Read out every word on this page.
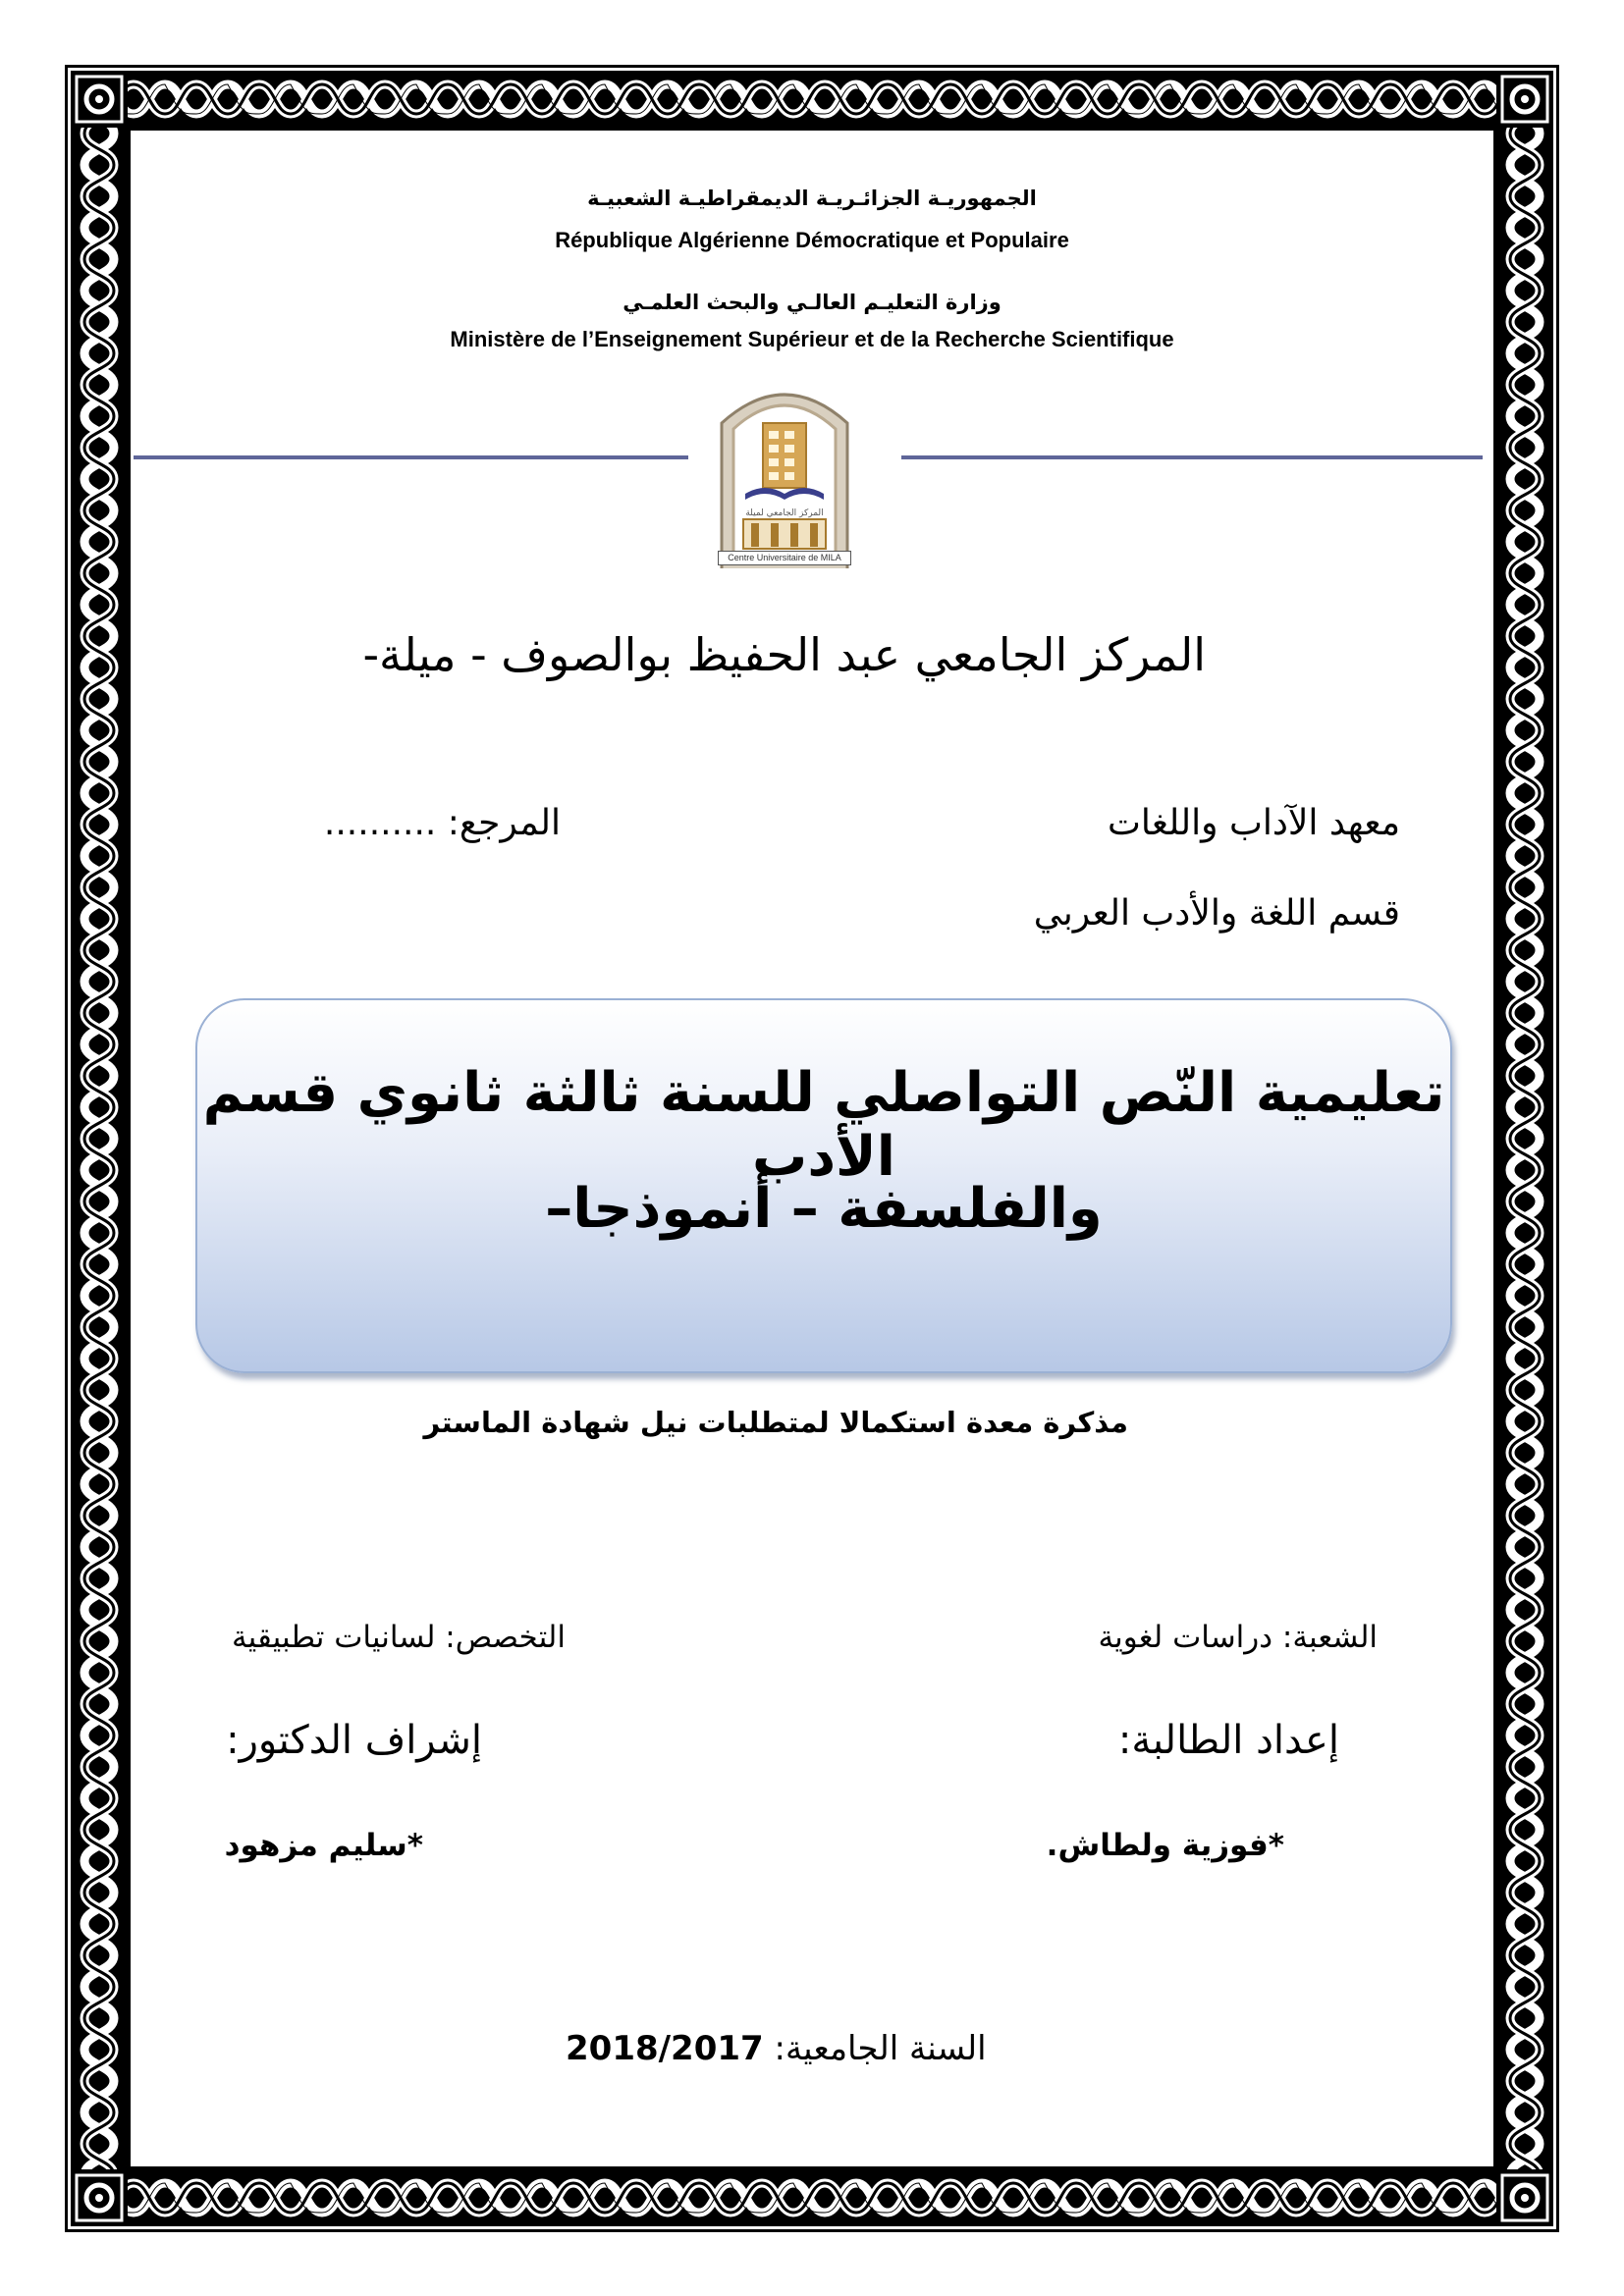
الجمهوريـة الجزائـريـة الديمقراطيـة الشعبيـة
République Algérienne Démocratique et Populaire
وزارة التعليـم العالـي والبحث العلمـي
Ministère de l’Enseignement Supérieur et de la Recherche Scientifique
المركز الجامعي لميلة
Centre Universitaire de MILA
المركز الجامعي عبد الحفيظ بوالصوف - ميلة-
معهد الآداب واللغات
المرجع: ..........
قسم اللغة والأدب العربي
تعليمية النّص التواصلي للسنة ثالثة ثانوي قسم الأدب
والفلسفة – أنموذجا–
مذكرة معدة استكمالا لمتطلبات نيل شهادة الماستر
الشعبة: دراسات لغوية
التخصص: لسانيات تطبيقية
إعداد الطالبة:
إشراف الدكتور:
*فوزية ولطاش.
*سليم مزهود
2018/2017 السنة الجامعية:
